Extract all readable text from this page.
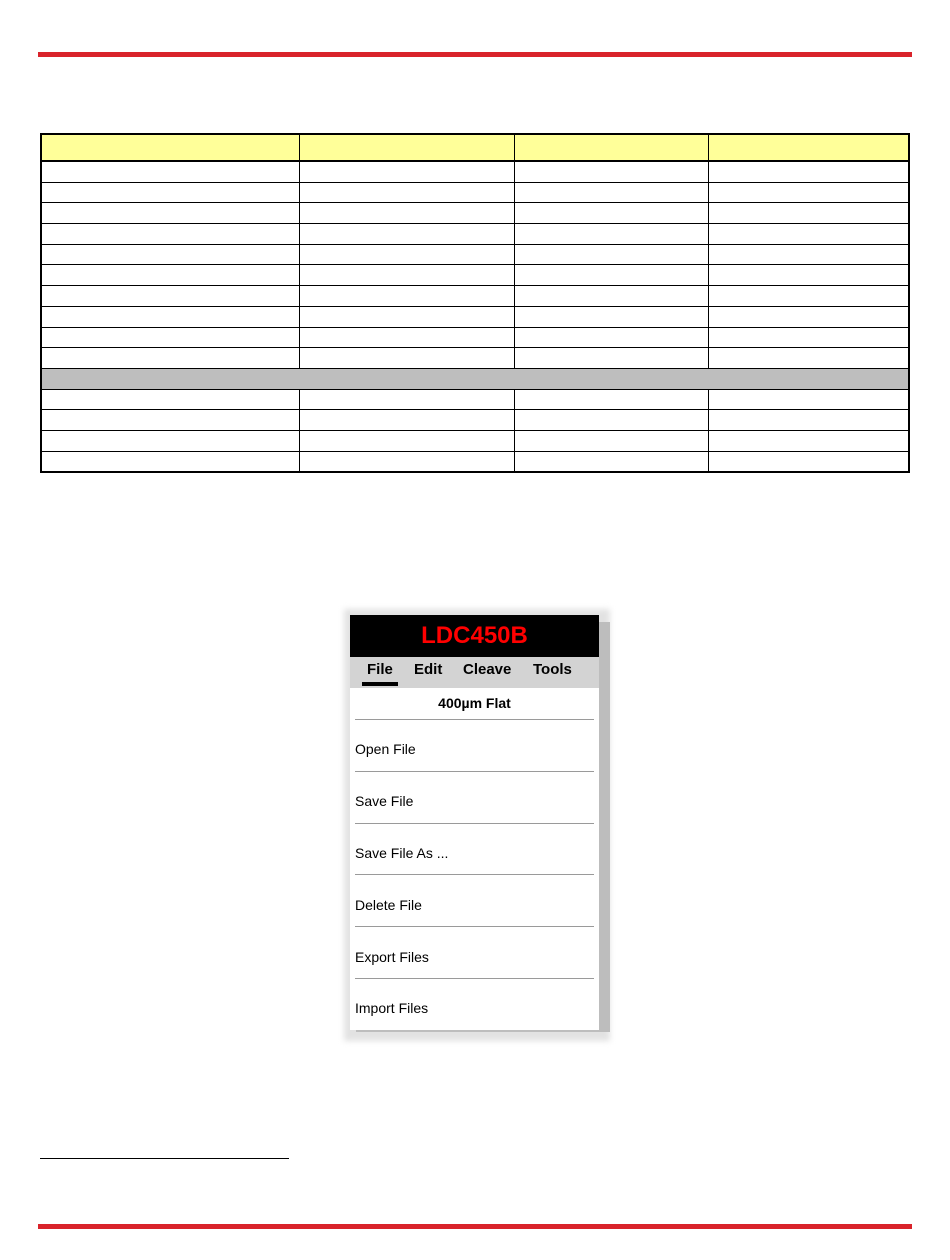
LDC450B
File Edit Cleave Tools
400µm Flat
Open File
Save File
Save File As ...
Delete File
Export Files
Import Files
